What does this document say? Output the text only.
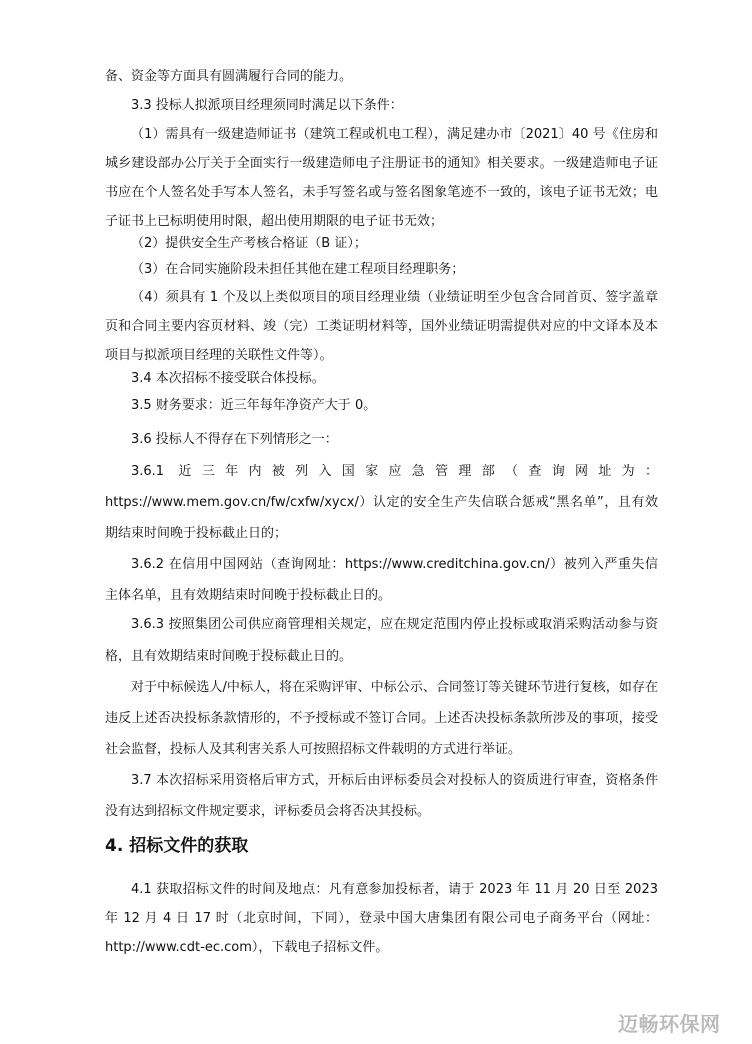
备、资金等方面具有圆满履行合同的能力。

3.3 投标人拟派项目经理须同时满足以下条件：

（1）需具有一级建造师证书（建筑工程或机电工程），满足建办市〔2021〕40 号《住房和城乡建设部办公厅关于全面实行一级建造师电子注册证书的通知》相关要求。一级建造师电子证书应在个人签名处手写本人签名，未手写签名或与签名图象笔迹不一致的，该电子证书无效；电子证书上已标明使用时限，超出使用期限的电子证书无效；

（2）提供安全生产考核合格证（B 证）；

（3）在合同实施阶段未担任其他在建工程项目经理职务；

（4）须具有 1 个及以上类似项目的项目经理业绩（业绩证明至少包含合同首页、签字盖章页和合同主要内容页材料、竣（完）工类证明材料等，国外业绩证明需提供对应的中文译本及本项目与拟派项目经理的关联性文件等）。

3.4 本次招标不接受联合体投标。

3.5 财务要求：近三年每年净资产大于 0。

3.6 投标人不得存在下列情形之一：

3.6.1 近三年内被列入国家应急管理部（查询网址为：https://www.mem.gov.cn/fw/cxfw/xycx/）认定的安全生产失信联合惩戒“黑名单”，且有效期结束时间晚于投标截止日的；

3.6.2 在信用中国网站（查询网址：https://www.creditchina.gov.cn/）被列入严重失信主体名单，且有效期结束时间晚于投标截止日的。

3.6.3 按照集团公司供应商管理相关规定，应在规定范围内停止投标或取消采购活动参与资格，且有效期结束时间晚于投标截止日的。

对于中标候选人/中标人，将在采购评审、中标公示、合同签订等关键环节进行复核，如存在违反上述否决投标条款情形的，不予授标或不签订合同。上述否决投标条款所涉及的事项，接受社会监督，投标人及其利害关系人可按照招标文件载明的方式进行举证。

3.7 本次招标采用资格后审方式，开标后由评标委员会对投标人的资质进行审查，资格条件没有达到招标文件规定要求，评标委员会将否决其投标。

4. 招标文件的获取

4.1 获取招标文件的时间及地点：凡有意参加投标者，请于 2023 年 11 月 20 日至 2023 年 12 月 4 日 17 时（北京时间，下同），登录中国大唐集团有限公司电子商务平台（网址：http://www.cdt-ec.com），下载电子招标文件。

迈畅环保网
